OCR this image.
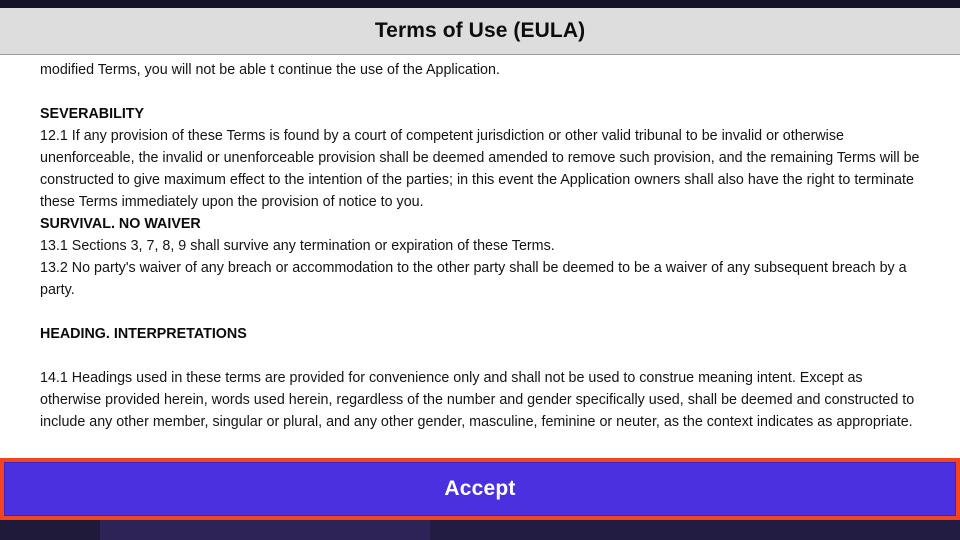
Terms of Use (EULA)
modified Terms, you will not be able t continue the use of the Application.
SEVERABILITY

12.1 If any provision of these Terms is found by a court of competent jurisdiction or other valid tribunal to be invalid or otherwise unenforceable, the invalid or unenforceable provision shall be deemed amended to remove such provision, and the remaining Terms will be constructed to give maximum effect to the intention of the parties; in this event the Application owners shall also have the right to terminate these Terms immediately upon the provision of notice to you.

SURVIVAL. NO WAIVER

13.1 Sections 3, 7, 8, 9 shall survive any termination or expiration of these Terms.

13.2 No party's waiver of any breach or accommodation to the other party shall be deemed to be a waiver of any subsequent breach by a party.

HEADING. INTERPRETATIONS

14.1 Headings used in these terms are provided for convenience only and shall not be used to construe meaning intent. Except as otherwise provided herein, words used herein, regardless of the number and gender specifically used, shall be deemed and constructed to include any other member, singular or plural, and any other gender, masculine, feminine or neuter, as the context indicates as appropriate.

Accept
